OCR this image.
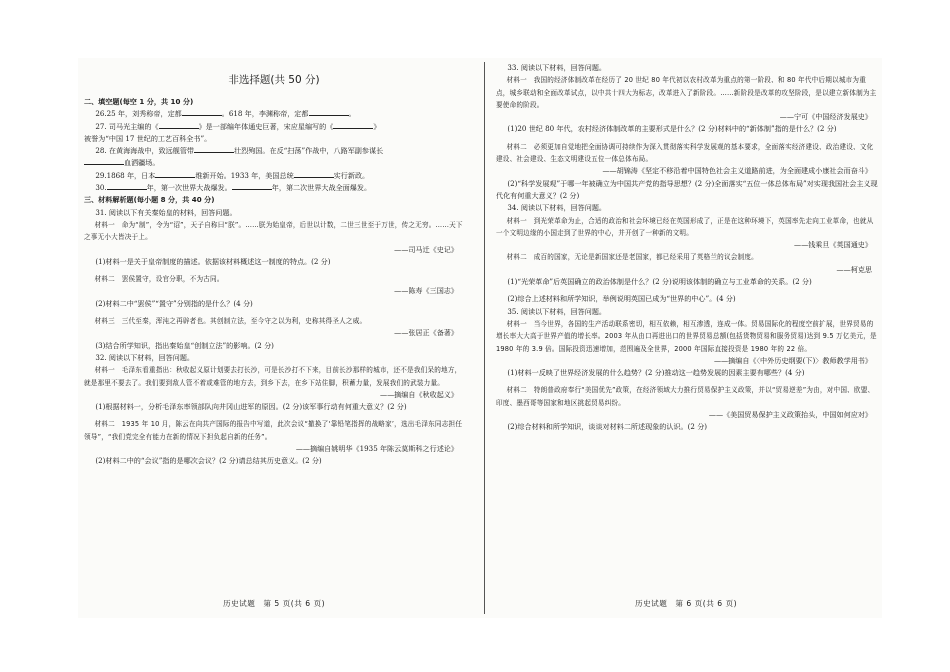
非选择题(共 50 分)

二、填空题(每空 1 分，共 10 分)

26.25 年，刘秀称帝，定都	。618 年，李渊称帝，定都	。

27. 司马光主编的《	》是一部编年体通史巨著，宋应星编写的《	》

被誉为“中国 17 世纪的工艺百科全书”。

28. 在黄海海战中，致远舰管带	壮烈殉国。在反“扫荡”作战中，八路军副参谋长
血洒疆场。

29.1868 年，日本	维新开始。1933 年，美国总统	实行新政。

30.	年，第一次世界大战爆发。	年，第二次世界大战全面爆发。

三、材料解析题(每小题 8 分，共 40 分)

31. 阅读以下有关秦始皇的材料，回答问题。

材料一　命为“制”，令为“诏”，天子自称曰“朕”。……朕为始皇帝，后世以计数，二世三世至于万世，传之无穷。……天下之事无小大皆决于上。

——司马迁《史记》

(1)材料一是关于皇帝制度的描述。依据该材料概述这一制度的特点。(2 分)

材料二　罢侯置守，设官分职，不为古同。

——陈寿《三国志》

(2)材料二中“罢侯”“置守”分别指的是什么？(4 分)

材料三　三代至秦，浑沌之再辟者也。其创制立法，至今守之以为利，史称其得圣人之威。

——张居正《备著》

(3)结合所学知识，指出秦始皇“创制立法”的影响。(2 分)

32. 阅读以下材料，回答问题。

材料一　毛泽东看重指出：秋收起义原计划要去打长沙，可是长沙打不下来，目前长沙那样的城市，还不是我们呆的地方，就是那里不要去了。我们要到敌人管不着或难管的地方去，到乡下去，在乡下站住脚，积蓄力量，发展我们的武装力量。

——摘编自《秋收起义》

(1)根据材料一，分析毛泽东率领部队向井冈山进军的原因。(2 分)该军事行动有何重大意义？(2 分)

材料二　1935 年 10 月，陈云在向共产国际的报告中写道，此次会议“撤换了‘靠铅笔指挥的战略家’，选出毛泽东同志担任领导”，“我们党完全有能力在新的情况下担负起自新的任务”。

——摘编自姚明华《1935 年陈云莫斯科之行述论》

(2)材料二中的“会议”指的是哪次会议？(2 分)请总结其历史意义。(2 分)

历史试题　第 5 页(共 6 页)

33. 阅读以下材料，回答问题。

材料一　我国的经济体制改革在经历了 20 世纪 80 年代初以农村改革为重点的第一阶段、和 80 年代中后期以城市为重点，城乡联动和全面改革试点，以中共十四大为标志，改革进入了新阶段。……新阶段是改革的攻坚阶段，是以建立新体制为主要使命的阶段。

——宁可《中国经济发展史》

(1)20 世纪 80 年代，农村经济体制改革的主要形式是什么？(2 分)材料中的“新体制”指的是什么？(2 分)

材料二　必须更加自觉地把全面协调可持续作为深入贯彻落实科学发展观的基本要求，全面落实经济建设、政治建设、文化建设、社会建设、生态文明建设五位一体总体布局。

——胡锦涛《坚定不移沿着中国特色社会主义道路前进，为全面建成小康社会而奋斗》

(2)“科学发展观”于哪一年被确立为中国共产党的指导思想？(2 分)全面落实“五位一体总体布局”对实现我国社会主义现代化有何重大意义？(2 分)

34. 阅读以下材料，回答问题。

材料一　到光荣革命为止，合适的政治和社会环境已经在英国形成了，正是在这种环境下，英国率先走向工业革命，也就从一个文明边缘的小国走到了世界的中心，并开创了一种新的文明。

——钱乘旦《英国通史》

材料二　成百的国家，无论是新国家还是老国家，都已经采用了英格兰的议会制度。

——柯克思

(1)“光荣革命”后英国确立的政治体制是什么？(2 分)说明该体制的确立与工业革命的关系。(2 分)

(2)综合上述材料和所学知识，举例说明英国已成为“世界的中心”。(4 分)

35. 阅读以下材料，回答问题。

材料一　当今世界，各国的生产活动联系密切，相互依赖，相互渗透，连成一体。贸易国际化的程度空前扩展，世界贸易的增长率大大高于世界产值的增长率。2003 年从由口再进出口的世界贸易总额(包括货物贸易和服务贸易)达到 9.5 万亿美元，是 1980 年的 3.9 倍。国际投资迅速增加，范围遍及全世界，2000 年国际直接投资是 1980 年的 22 倍。

——摘编自《〈中外历史纲要(下)〉教师教学用书》

(1)材料一反映了世界经济发展的什么趋势？(2 分)推动这一趋势发展的因素主要有哪些？(4 分)

材料二　特朗普政府奉行“美国优先”政策，在经济领域大力推行贸易保护主义政策，并以“贸易逆差”为由，对中国、欧盟、印度、墨西哥等国家和地区挑起贸易纠纷。

——《美国贸易保护主义政策抬头，中国如何应对》

(2)综合材料和所学知识，谈谈对材料二所述现象的认识。(2 分)

历史试题　第 6 页(共 6 页)
